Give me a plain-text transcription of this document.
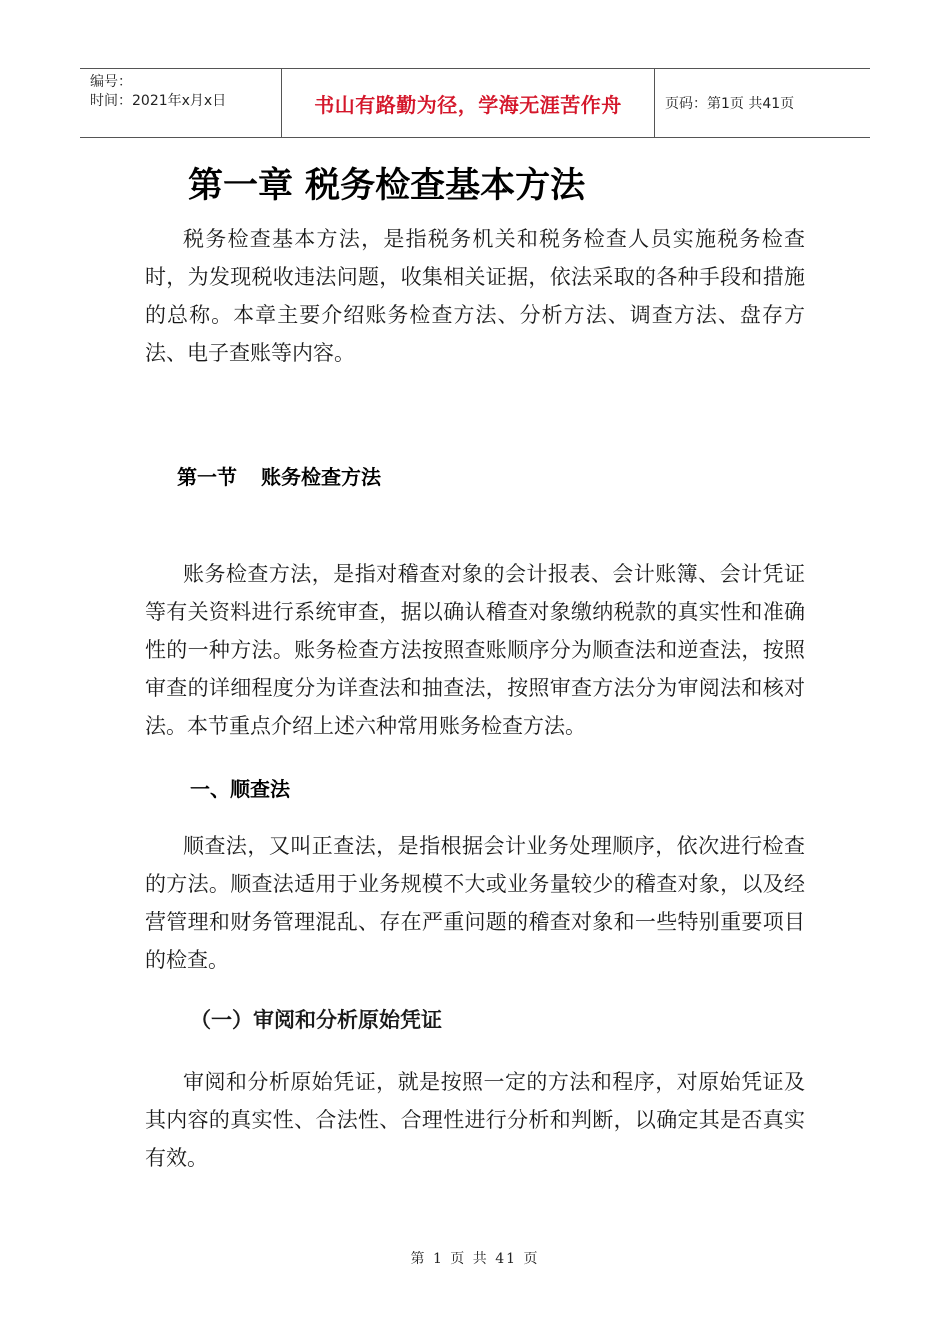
编号：
时间：2021年x月x日	书山有路勤为径，学海无涯苦作舟	页码：第1页 共41页
第一章 税务检查基本方法

税务检查基本方法，是指税务机关和税务检查人员实施税务检查时，为发现税收违法问题，收集相关证据，依法采取的各种手段和措施的总称。本章主要介绍账务检查方法、分析方法、调查方法、盘存方法、电子查账等内容。

第一节 账务检查方法

账务检查方法，是指对稽查对象的会计报表、会计账簿、会计凭证等有关资料进行系统审查，据以确认稽查对象缴纳税款的真实性和准确性的一种方法。账务检查方法按照查账顺序分为顺查法和逆查法，按照审查的详细程度分为详查法和抽查法，按照审查方法分为审阅法和核对法。本节重点介绍上述六种常用账务检查方法。

一、顺查法

顺查法，又叫正查法，是指根据会计业务处理顺序，依次进行检查的方法。顺查法适用于业务规模不大或业务量较少的稽查对象，以及经营管理和财务管理混乱、存在严重问题的稽查对象和一些特别重要项目的检查。

（一）审阅和分析原始凭证

审阅和分析原始凭证，就是按照一定的方法和程序，对原始凭证及其内容的真实性、合法性、合理性进行分析和判断，以确定其是否真实有效。

第 1 页 共 41 页
